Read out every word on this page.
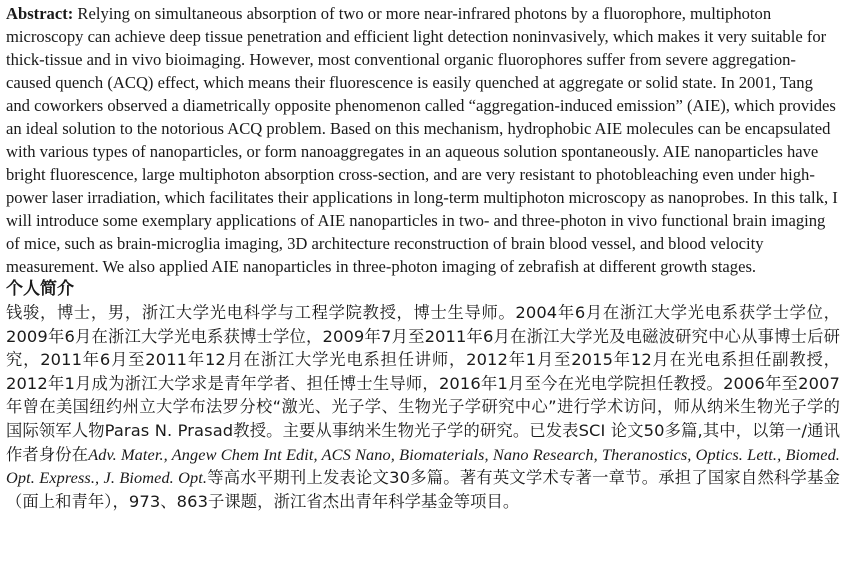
Abstract: Relying on simultaneous absorption of two or more near-infrared photons by a fluorophore, multiphoton microscopy can achieve deep tissue penetration and efficient light detection noninvasively, which makes it very suitable for thick-tissue and in vivo bioimaging. However, most conventional organic fluorophores suffer from severe aggregation-caused quench (ACQ) effect, which means their fluorescence is easily quenched at aggregate or solid state. In 2001, Tang and coworkers observed a diametrically opposite phenomenon called “aggregation-induced emission” (AIE), which provides an ideal solution to the notorious ACQ problem. Based on this mechanism, hydrophobic AIE molecules can be encapsulated with various types of nanoparticles, or form nanoaggregates in an aqueous solution spontaneously. AIE nanoparticles have bright fluorescence, large multiphoton absorption cross-section, and are very resistant to photobleaching even under high-power laser irradiation, which facilitates their applications in long-term multiphoton microscopy as nanoprobes. In this talk, I will introduce some exemplary applications of AIE nanoparticles in two- and three-photon in vivo functional brain imaging of mice, such as brain-microglia imaging, 3D architecture reconstruction of brain blood vessel, and blood velocity measurement. We also applied AIE nanoparticles in three-photon imaging of zebrafish at different growth stages.

个人简介

钱骏，博士，男，浙江大学光电科学与工程学院教授，博士生导师。2004年6月在浙江大学光电系获学士学位，2009年6月在浙江大学光电系获博士学位，2009年7月至2011年6月在浙江大学光及电磁波研究中心从事博士后研究，2011年6月至2011年12月在浙江大学光电系担任讲师，2012年1月至2015年12月在光电系担任副教授，2012年1月成为浙江大学求是青年学者、担任博士生导师，2016年1月至今在光电学院担任教授。2006年至2007年曾在美国纽约州立大学布法罗分校“激光、光子学、生物光子学研究中心”进行学术访问，师从纳米生物光子学的国际领军人物Paras N. Prasad教授。主要从事纳米生物光子学的研究。已发表SCI 论文50多篇,其中，以第一/通讯作者身份在Adv. Mater., Angew Chem Int Edit, ACS Nano, Biomaterials, Nano Research, Theranostics, Optics. Lett., Biomed. Opt. Express., J. Biomed. Opt.等高水平期刊上发表论文30多篇。著有英文学术专著一章节。承担了国家自然科学基金（面上和青年），973、863子课题，浙江省杰出青年科学基金等项目。
